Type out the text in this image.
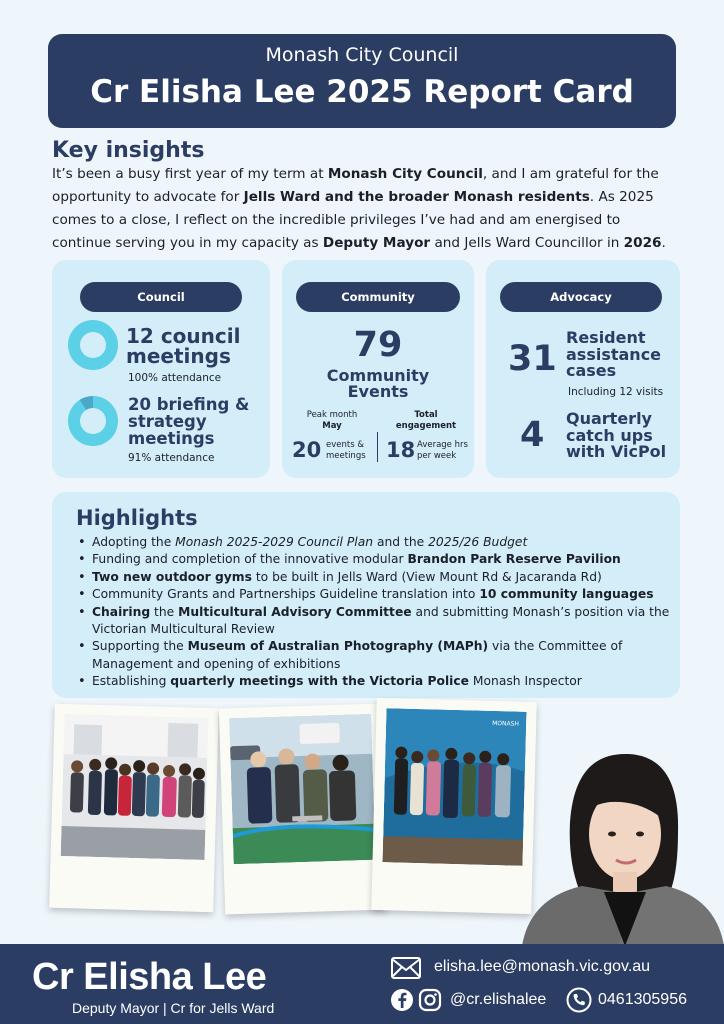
Monash City Council
Cr Elisha Lee 2025 Report Card
Key insights
It’s been a busy first year of my term at Monash City Council, and I am grateful for the opportunity to advocate for Jells Ward and the broader Monash residents. As 2025 comes to a close, I reflect on the incredible privileges I’ve had and am energised to continue serving you in my capacity as Deputy Mayor and Jells Ward Councillor in 2026.
Council
12 council
meetings
100% attendance
20 briefing &
strategy
meetings
91% attendance
Community
79
Community
Events
Peak month
May
Total
engagement
20 events &
meetings 18 Average hrs
per week
Advocacy
31
Resident
assistance
cases
Including 12 visits
4 Quarterly
catch ups
with VicPol
Highlights
• Adopting the Monash 2025-2029 Council Plan and the 2025/26 Budget
• Funding and completion of the innovative modular Brandon Park Reserve Pavilion
• Two new outdoor gyms to be built in Jells Ward (View Mount Rd & Jacaranda Rd)
• Community Grants and Partnerships Guideline translation into 10 community languages
• Chairing the Multicultural Advisory Committee and submitting Monash’s position via the Victorian Multicultural Review
• Supporting the Museum of Australian Photography (MAPh) via the Committee of Management and opening of exhibitions
• Establishing quarterly meetings with the Victoria Police Monash Inspector
MONASH
Cr Elisha Lee
Deputy Mayor | Cr for Jells Ward
elisha.lee@monash.vic.gov.au
@cr.elishalee	0461305956
